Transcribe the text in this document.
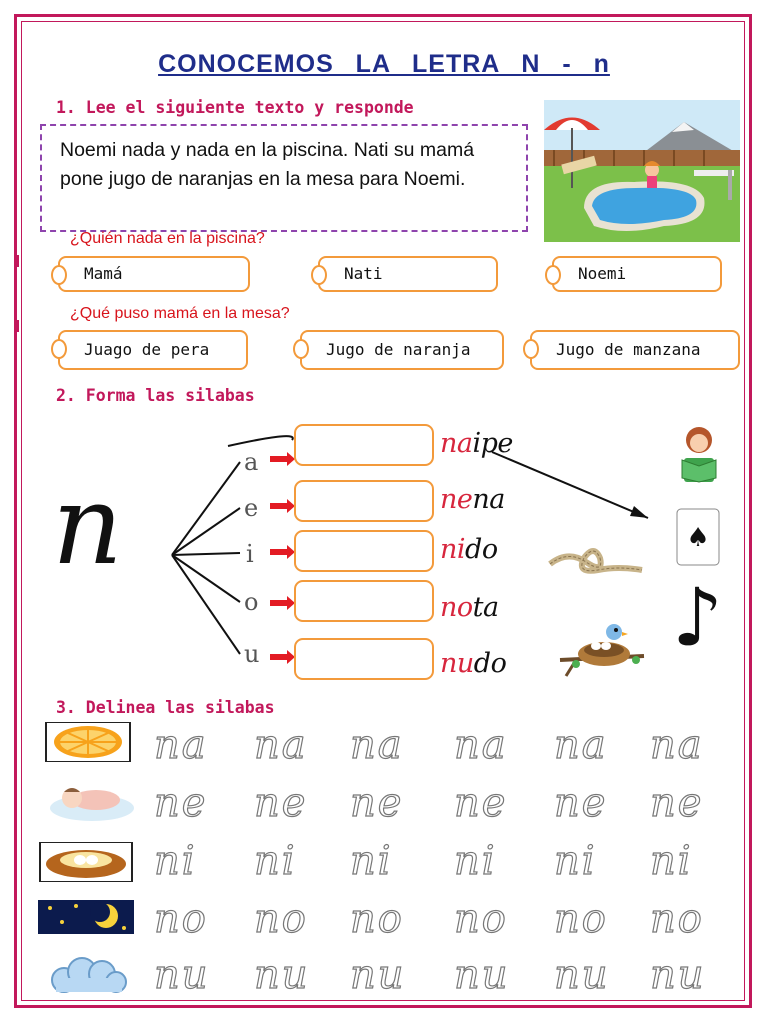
CONOCEMOS LA LETRA N - n
1. Lee el siguiente texto y responde
Noemi nada y nada en la piscina. Nati su mamá pone jugo de naranjas en la mesa para Noemi.
¿Quién nada en la piscina?
Mamá	Nati	Noemi
¿Qué puso mamá en la mesa?
Juago de pera	Jugo de naranja	Jugo de manzana
2. Forma las silabas
n	a
e
i
o
u
naipe
nena
nido
nota
nudo
♠
♪
3. Delinea las silabas
na na na na na na
ne ne ne ne ne ne
ni ni ni ni ni ni
no no no no no no
nu nu nu nu nu nu
